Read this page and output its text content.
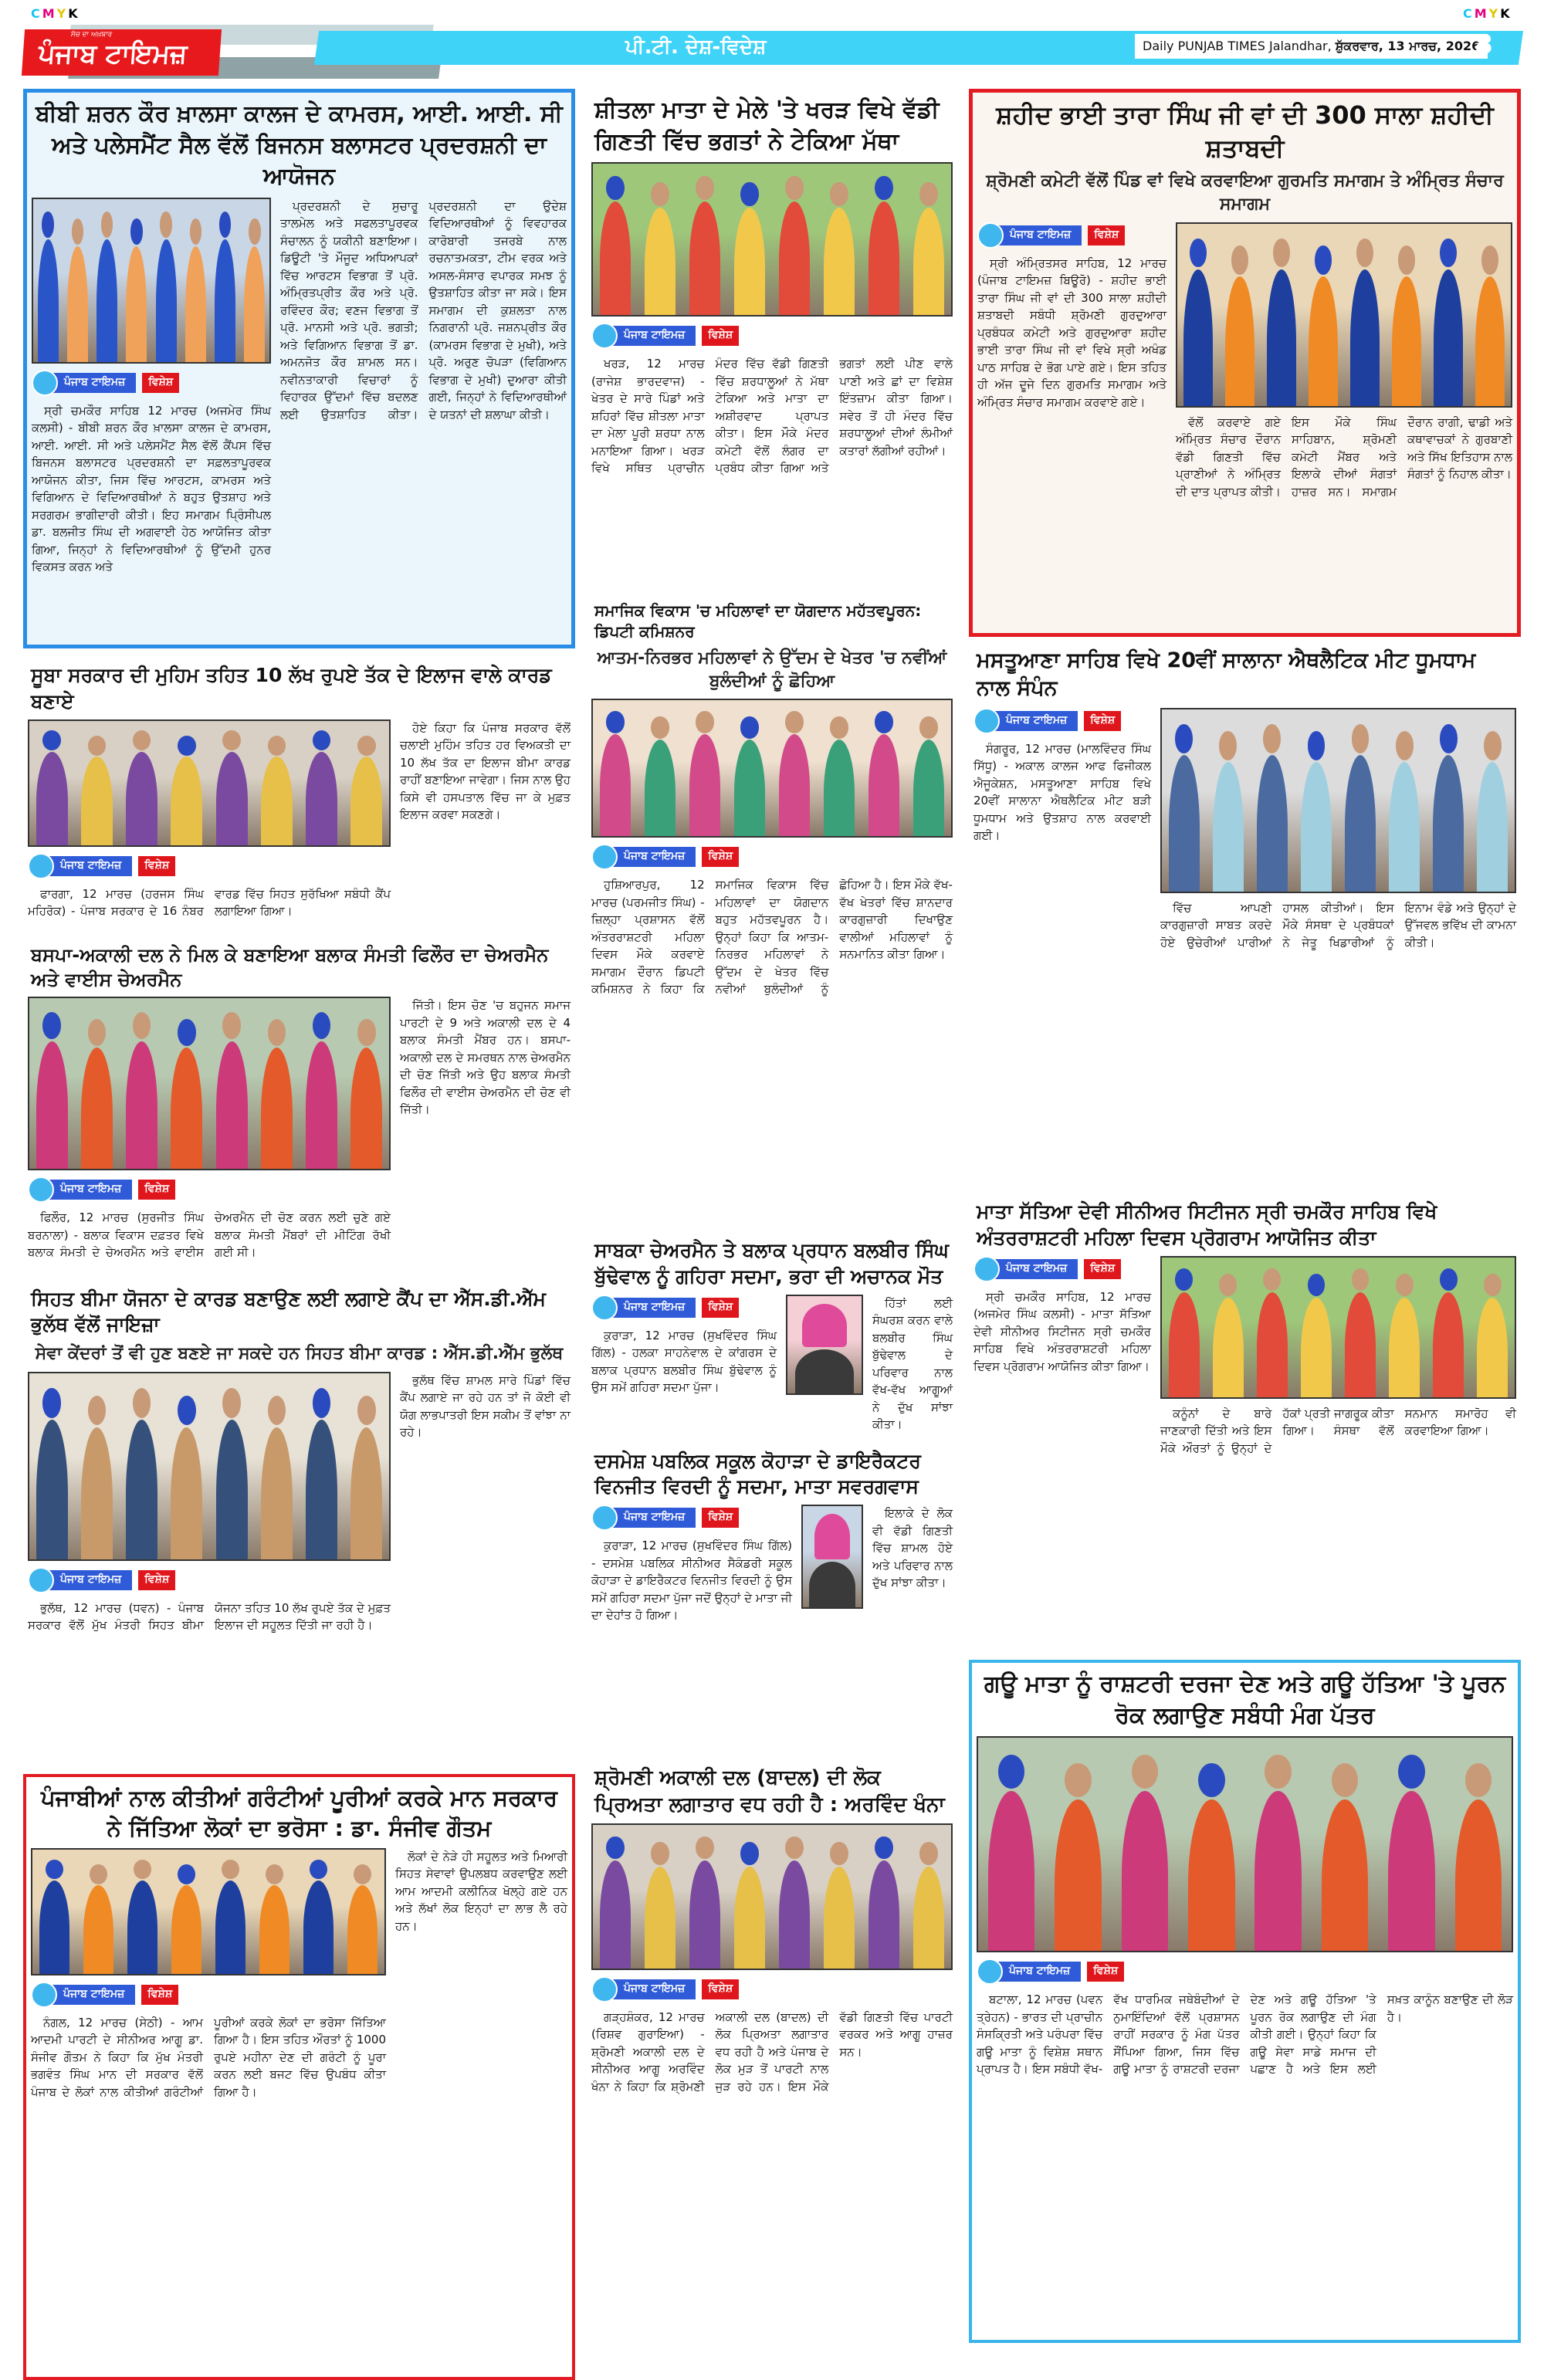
CMYK	CMYK
ਸੱਚ ਦਾ ਅਖ਼ਬਾਰ
ਪੰਜਾਬ ਟਾਇਮਜ਼	ਪੀ.ਟੀ. ਦੇਸ਼-ਵਿਦੇਸ਼	Daily PUNJAB TIMES Jalandhar, ਸ਼ੁੱਕਰਵਾਰ, 13 ਮਾਰਚ, 2026
8
ਬੀਬੀ ਸ਼ਰਨ ਕੌਰ ਖ਼ਾਲਸਾ ਕਾਲਜ ਦੇ ਕਾਮਰਸ, ਆਈ. ਆਈ. ਸੀ ਅਤੇ ਪਲੇਸਮੈਂਟ ਸੈਲ ਵੱਲੋਂ ਬਿਜਨਸ ਬਲਾਸਟਰ ਪ੍ਰਦਰਸ਼ਨੀ ਦਾ ਆਯੋਜਨ
ਪੰਜਾਬ ਟਾਇਮਜ਼	ਵਿਸ਼ੇਸ਼

ਸ੍ਰੀ ਚਮਕੌਰ ਸਾਹਿਬ 12 ਮਾਰਚ (ਅਜਮੇਰ ਸਿੰਘ ਕਲਸੀ) - ਬੀਬੀ ਸ਼ਰਨ ਕੌਰ ਖ਼ਾਲਸਾ ਕਾਲਜ ਦੇ ਕਾਮਰਸ, ਆਈ. ਆਈ. ਸੀ ਅਤੇ ਪਲੇਸਮੈਂਟ ਸੈਲ ਵੱਲੋਂ ਕੈਂਪਸ ਵਿੱਚ ਬਿਜਨਸ ਬਲਾਸਟਰ ਪ੍ਰਦਰਸ਼ਨੀ ਦਾ ਸਫ਼ਲਤਾਪੂਰਵਕ ਆਯੋਜਨ ਕੀਤਾ, ਜਿਸ ਵਿੱਚ ਆਰਟਸ, ਕਾਮਰਸ ਅਤੇ ਵਿਗਿਆਨ ਦੇ ਵਿਦਿਆਰਥੀਆਂ ਨੇ ਬਹੁਤ ਉਤਸ਼ਾਹ ਅਤੇ ਸਰਗਰਮ ਭਾਗੀਦਾਰੀ ਕੀਤੀ। ਇਹ ਸਮਾਗਮ ਪ੍ਰਿੰਸੀਪਲ ਡਾ. ਬਲਜੀਤ ਸਿੰਘ ਦੀ ਅਗਵਾਈ ਹੇਠ ਆਯੋਜਿਤ ਕੀਤਾ ਗਿਆ, ਜਿਨ੍ਹਾਂ ਨੇ ਵਿਦਿਆਰਥੀਆਂ ਨੂੰ ਉੱਦਮੀ ਹੁਨਰ ਵਿਕਸਤ ਕਰਨ ਅਤੇ

ਪ੍ਰਦਰਸ਼ਨੀ ਦੇ ਸੁਚਾਰੂ ਤਾਲਮੇਲ ਅਤੇ ਸਫਲਤਾਪੂਰਵਕ ਸੰਚਾਲਨ ਨੂੰ ਯਕੀਨੀ ਬਣਾਇਆ। ਡਿਊਟੀ 'ਤੇ ਮੌਜੂਦ ਅਧਿਆਪਕਾਂ ਵਿੱਚ ਆਰਟਸ ਵਿਭਾਗ ਤੋਂ ਪ੍ਰੋ. ਅੰਮ੍ਰਿਤਪ੍ਰੀਤ ਕੌਰ ਅਤੇ ਪ੍ਰੋ. ਰਵਿੰਦਰ ਕੌਰ; ਵਣਜ ਵਿਭਾਗ ਤੋਂ ਪ੍ਰੋ. ਮਾਨਸੀ ਅਤੇ ਪ੍ਰੋ. ਭਗਤੀ; ਅਤੇ ਵਿਗਿਆਨ ਵਿਭਾਗ ਤੋਂ ਡਾ. ਅਮਨਜੋਤ ਕੌਰ ਸ਼ਾਮਲ ਸਨ। ਨਵੀਨਤਾਕਾਰੀ ਵਿਚਾਰਾਂ ਨੂੰ ਵਿਹਾਰਕ ਉੱਦਮਾਂ ਵਿੱਚ ਬਦਲਣ ਲਈ ਉਤਸ਼ਾਹਿਤ ਕੀਤਾ। ਪ੍ਰਦਰਸ਼ਨੀ ਦਾ ਉਦੇਸ਼ ਵਿਦਿਆਰਥੀਆਂ ਨੂੰ ਵਿਵਹਾਰਕ ਕਾਰੋਬਾਰੀ ਤਜਰਬੇ ਨਾਲ ਰਚਨਾਤਮਕਤਾ, ਟੀਮ ਵਰਕ ਅਤੇ ਅਸਲ-ਸੰਸਾਰ ਵਪਾਰਕ ਸਮਝ ਨੂੰ ਉਤਸ਼ਾਹਿਤ ਕੀਤਾ ਜਾ ਸਕੇ। ਇਸ ਸਮਾਗਮ ਦੀ ਕੁਸ਼ਲਤਾ ਨਾਲ ਨਿਗਰਾਨੀ ਪ੍ਰੋ. ਜਸ਼ਨਪ੍ਰੀਤ ਕੌਰ (ਕਾਮਰਸ ਵਿਭਾਗ ਦੇ ਮੁਖੀ), ਅਤੇ ਪ੍ਰੋ. ਅਰੁਣ ਚੋਪੜਾ (ਵਿਗਿਆਨ ਵਿਭਾਗ ਦੇ ਮੁਖੀ) ਦੁਆਰਾ ਕੀਤੀ ਗਈ, ਜਿਨ੍ਹਾਂ ਨੇ ਵਿਦਿਆਰਥੀਆਂ ਦੇ ਯਤਨਾਂ ਦੀ ਸ਼ਲਾਘਾ ਕੀਤੀ।

ਸੂਬਾ ਸਰਕਾਰ ਦੀ ਮੁਹਿਮ ਤਹਿਤ 10 ਲੱਖ ਰੁਪਏ ਤੱਕ ਦੇ ਇਲਾਜ ਵਾਲੇ ਕਾਰਡ ਬਣਾਏ
ਪੰਜਾਬ ਟਾਇਮਜ਼	ਵਿਸ਼ੇਸ਼

ਫਾਰਗਾ, 12 ਮਾਰਚ (ਹਰਜਸ ਸਿੰਘ ਮਹਿਰੋਕ) - ਪੰਜਾਬ ਸਰਕਾਰ ਦੇ 16 ਨੰਬਰ ਵਾਰਡ ਵਿੱਚ ਸਿਹਤ ਸੁਰੱਖਿਆ ਸਬੰਧੀ ਕੈਂਪ ਲਗਾਇਆ ਗਿਆ।

ਹੋਏ ਕਿਹਾ ਕਿ ਪੰਜਾਬ ਸਰਕਾਰ ਵੱਲੋਂ ਚਲਾਈ ਮੁਹਿੰਮ ਤਹਿਤ ਹਰ ਵਿਅਕਤੀ ਦਾ 10 ਲੱਖ ਤੱਕ ਦਾ ਇਲਾਜ ਬੀਮਾ ਕਾਰਡ ਰਾਹੀਂ ਬਣਾਇਆ ਜਾਵੇਗਾ। ਜਿਸ ਨਾਲ ਉਹ ਕਿਸੇ ਵੀ ਹਸਪਤਾਲ ਵਿੱਚ ਜਾ ਕੇ ਮੁਫ਼ਤ ਇਲਾਜ ਕਰਵਾ ਸਕਣਗੇ।

ਬਸਪਾ-ਅਕਾਲੀ ਦਲ ਨੇ ਮਿਲ ਕੇ ਬਣਾਇਆ ਬਲਾਕ ਸੰਮਤੀ ਫਿਲੌਰ ਦਾ ਚੇਅਰਮੈਨ ਅਤੇ ਵਾਈਸ ਚੇਅਰਮੈਨ
ਪੰਜਾਬ ਟਾਇਮਜ਼	ਵਿਸ਼ੇਸ਼

ਫਿਲੌਰ, 12 ਮਾਰਚ (ਸੁਰਜੀਤ ਸਿੰਘ ਬਰਨਾਲਾ) - ਬਲਾਕ ਵਿਕਾਸ ਦਫ਼ਤਰ ਵਿਖੇ ਬਲਾਕ ਸੰਮਤੀ ਦੇ ਚੇਅਰਮੈਨ ਅਤੇ ਵਾਈਸ ਚੇਅਰਮੈਨ ਦੀ ਚੋਣ ਕਰਨ ਲਈ ਚੁਣੇ ਗਏ ਬਲਾਕ ਸੰਮਤੀ ਮੈਂਬਰਾਂ ਦੀ ਮੀਟਿੰਗ ਰੱਖੀ ਗਈ ਸੀ।

ਜਿੱਤੀ। ਇਸ ਚੋਣ 'ਚ ਬਹੁਜਨ ਸਮਾਜ ਪਾਰਟੀ ਦੇ 9 ਅਤੇ ਅਕਾਲੀ ਦਲ ਦੇ 4 ਬਲਾਕ ਸੰਮਤੀ ਮੈਂਬਰ ਹਨ। ਬਸਪਾ-ਅਕਾਲੀ ਦਲ ਦੇ ਸਮਰਥਨ ਨਾਲ ਚੇਅਰਮੈਨ ਦੀ ਚੋਣ ਜਿੱਤੀ ਅਤੇ ਉਹ ਬਲਾਕ ਸੰਮਤੀ ਫਿਲੌਰ ਦੀ ਵਾਈਸ ਚੇਅਰਮੈਨ ਦੀ ਚੋਣ ਵੀ ਜਿੱਤੀ।

ਸਿਹਤ ਬੀਮਾ ਯੋਜਨਾ ਦੇ ਕਾਰਡ ਬਣਾਉਣ ਲਈ ਲਗਾਏ ਕੈਂਪ ਦਾ ਐੱਸ.ਡੀ.ਐੱਮ ਭੁਲੱਥ ਵੱਲੋਂ ਜਾਇਜ਼ਾ
ਸੇਵਾ ਕੇਂਦਰਾਂ ਤੋਂ ਵੀ ਹੁਣ ਬਣਏ ਜਾ ਸਕਦੇ ਹਨ ਸਿਹਤ ਬੀਮਾ ਕਾਰਡ : ਐੱਸ.ਡੀ.ਐੱਮ ਭੁਲੱਥ
ਪੰਜਾਬ ਟਾਇਮਜ਼	ਵਿਸ਼ੇਸ਼

ਭੁਲੱਥ, 12 ਮਾਰਚ (ਧਵਨ) - ਪੰਜਾਬ ਸਰਕਾਰ ਵੱਲੋਂ ਮੁੱਖ ਮੰਤਰੀ ਸਿਹਤ ਬੀਮਾ ਯੋਜਨਾ ਤਹਿਤ 10 ਲੱਖ ਰੁਪਏ ਤੱਕ ਦੇ ਮੁਫ਼ਤ ਇਲਾਜ ਦੀ ਸਹੂਲਤ ਦਿੱਤੀ ਜਾ ਰਹੀ ਹੈ।

ਭੁਲੱਥ ਵਿੱਚ ਸ਼ਾਮਲ ਸਾਰੇ ਪਿੰਡਾਂ ਵਿੱਚ ਕੈਂਪ ਲਗਾਏ ਜਾ ਰਹੇ ਹਨ ਤਾਂ ਜੋ ਕੋਈ ਵੀ ਯੋਗ ਲਾਭਪਾਤਰੀ ਇਸ ਸਕੀਮ ਤੋਂ ਵਾਂਝਾ ਨਾ ਰਹੇ।

ਪੰਜਾਬੀਆਂ ਨਾਲ ਕੀਤੀਆਂ ਗਰੰਟੀਆਂ ਪੂਰੀਆਂ ਕਰਕੇ ਮਾਨ ਸਰਕਾਰ ਨੇ ਜਿੱਤਿਆ ਲੋਕਾਂ ਦਾ ਭਰੋਸਾ : ਡਾ. ਸੰਜੀਵ ਗੌਤਮ
ਪੰਜਾਬ ਟਾਇਮਜ਼	ਵਿਸ਼ੇਸ਼

ਨੰਗਲ, 12 ਮਾਰਚ (ਸੇਠੀ) - ਆਮ ਆਦਮੀ ਪਾਰਟੀ ਦੇ ਸੀਨੀਅਰ ਆਗੂ ਡਾ. ਸੰਜੀਵ ਗੌਤਮ ਨੇ ਕਿਹਾ ਕਿ ਮੁੱਖ ਮੰਤਰੀ ਭਗਵੰਤ ਸਿੰਘ ਮਾਨ ਦੀ ਸਰਕਾਰ ਵੱਲੋਂ ਪੰਜਾਬ ਦੇ ਲੋਕਾਂ ਨਾਲ ਕੀਤੀਆਂ ਗਰੰਟੀਆਂ ਪੂਰੀਆਂ ਕਰਕੇ ਲੋਕਾਂ ਦਾ ਭਰੋਸਾ ਜਿੱਤਿਆ ਗਿਆ ਹੈ। ਇਸ ਤਹਿਤ ਔਰਤਾਂ ਨੂੰ 1000 ਰੁਪਏ ਮਹੀਨਾ ਦੇਣ ਦੀ ਗਰੰਟੀ ਨੂੰ ਪੂਰਾ ਕਰਨ ਲਈ ਬਜਟ ਵਿੱਚ ਉਪਬੰਧ ਕੀਤਾ ਗਿਆ ਹੈ।

ਲੋਕਾਂ ਦੇ ਨੇੜੇ ਹੀ ਸਹੂਲਤ ਅਤੇ ਮਿਆਰੀ ਸਿਹਤ ਸੇਵਾਵਾਂ ਉਪਲਬਧ ਕਰਵਾਉਣ ਲਈ ਆਮ ਆਦਮੀ ਕਲੀਨਿਕ ਖੋਲ੍ਹੇ ਗਏ ਹਨ ਅਤੇ ਲੱਖਾਂ ਲੋਕ ਇਨ੍ਹਾਂ ਦਾ ਲਾਭ ਲੈ ਰਹੇ ਹਨ।

ਸ਼ੀਤਲਾ ਮਾਤਾ ਦੇ ਮੇਲੇ 'ਤੇ ਖਰੜ ਵਿਖੇ ਵੱਡੀ ਗਿਣਤੀ ਵਿੱਚ ਭਗਤਾਂ ਨੇ ਟੇਕਿਆ ਮੱਥਾ
ਪੰਜਾਬ ਟਾਇਮਜ਼	ਵਿਸ਼ੇਸ਼

ਖਰੜ, 12 ਮਾਰਚ (ਰਾਜੇਸ਼ ਭਾਰਦਵਾਜ) - ਖੇਤਰ ਦੇ ਸਾਰੇ ਪਿੰਡਾਂ ਅਤੇ ਸ਼ਹਿਰਾਂ ਵਿੱਚ ਸ਼ੀਤਲਾ ਮਾਤਾ ਦਾ ਮੇਲਾ ਪੂਰੀ ਸ਼ਰਧਾ ਨਾਲ ਮਨਾਇਆ ਗਿਆ। ਖਰੜ ਵਿਖੇ ਸਥਿਤ ਪ੍ਰਾਚੀਨ ਮੰਦਰ ਵਿੱਚ ਵੱਡੀ ਗਿਣਤੀ ਵਿੱਚ ਸ਼ਰਧਾਲੂਆਂ ਨੇ ਮੱਥਾ ਟੇਕਿਆ ਅਤੇ ਮਾਤਾ ਦਾ ਅਸ਼ੀਰਵਾਦ ਪ੍ਰਾਪਤ ਕੀਤਾ। ਇਸ ਮੌਕੇ ਮੰਦਰ ਕਮੇਟੀ ਵੱਲੋਂ ਲੰਗਰ ਦਾ ਪ੍ਰਬੰਧ ਕੀਤਾ ਗਿਆ ਅਤੇ ਭਗਤਾਂ ਲਈ ਪੀਣ ਵਾਲੇ ਪਾਣੀ ਅਤੇ ਛਾਂ ਦਾ ਵਿਸ਼ੇਸ਼ ਇੰਤਜ਼ਾਮ ਕੀਤਾ ਗਿਆ। ਸਵੇਰ ਤੋਂ ਹੀ ਮੰਦਰ ਵਿੱਚ ਸ਼ਰਧਾਲੂਆਂ ਦੀਆਂ ਲੰਮੀਆਂ ਕਤਾਰਾਂ ਲੱਗੀਆਂ ਰਹੀਆਂ।

ਸਮਾਜਿਕ ਵਿਕਾਸ 'ਚ ਮਹਿਲਾਵਾਂ ਦਾ ਯੋਗਦਾਨ ਮਹੱਤਵਪੂਰਨ: ਡਿਪਟੀ ਕਮਿਸ਼ਨਰ
ਆਤਮ-ਨਿਰਭਰ ਮਹਿਲਾਵਾਂ ਨੇ ਉੱਦਮ ਦੇ ਖੇਤਰ 'ਚ ਨਵੀਂਆਂ ਬੁਲੰਦੀਆਂ ਨੂੰ ਛੋਹਿਆ
ਪੰਜਾਬ ਟਾਇਮਜ਼	ਵਿਸ਼ੇਸ਼

ਹੁਸ਼ਿਆਰਪੁਰ, 12 ਮਾਰਚ (ਪਰਮਜੀਤ ਸਿੰਘ) - ਜ਼ਿਲ੍ਹਾ ਪ੍ਰਸ਼ਾਸਨ ਵੱਲੋਂ ਅੰਤਰਰਾਸ਼ਟਰੀ ਮਹਿਲਾ ਦਿਵਸ ਮੌਕੇ ਕਰਵਾਏ ਸਮਾਗਮ ਦੌਰਾਨ ਡਿਪਟੀ ਕਮਿਸ਼ਨਰ ਨੇ ਕਿਹਾ ਕਿ ਸਮਾਜਿਕ ਵਿਕਾਸ ਵਿੱਚ ਮਹਿਲਾਵਾਂ ਦਾ ਯੋਗਦਾਨ ਬਹੁਤ ਮਹੱਤਵਪੂਰਨ ਹੈ। ਉਨ੍ਹਾਂ ਕਿਹਾ ਕਿ ਆਤਮ-ਨਿਰਭਰ ਮਹਿਲਾਵਾਂ ਨੇ ਉੱਦਮ ਦੇ ਖੇਤਰ ਵਿੱਚ ਨਵੀਆਂ ਬੁਲੰਦੀਆਂ ਨੂੰ ਛੋਹਿਆ ਹੈ। ਇਸ ਮੌਕੇ ਵੱਖ-ਵੱਖ ਖੇਤਰਾਂ ਵਿੱਚ ਸ਼ਾਨਦਾਰ ਕਾਰਗੁਜ਼ਾਰੀ ਦਿਖਾਉਣ ਵਾਲੀਆਂ ਮਹਿਲਾਵਾਂ ਨੂੰ ਸਨਮਾਨਿਤ ਕੀਤਾ ਗਿਆ।

ਸਾਬਕਾ ਚੇਅਰਮੈਨ ਤੇ ਬਲਾਕ ਪ੍ਰਧਾਨ ਬਲਬੀਰ ਸਿੰਘ ਬੁੱਢੇਵਾਲ ਨੂੰ ਗਹਿਰਾ ਸਦਮਾ, ਭਰਾ ਦੀ ਅਚਾਨਕ ਮੌਤ
ਪੰਜਾਬ ਟਾਇਮਜ਼	ਵਿਸ਼ੇਸ਼

ਕੁਰਾੜਾ, 12 ਮਾਰਚ (ਸੁਖਵਿੰਦਰ ਸਿੰਘ ਗਿੱਲ) - ਹਲਕਾ ਸਾਹਨੇਵਾਲ ਦੇ ਕਾਂਗਰਸ ਦੇ ਬਲਾਕ ਪ੍ਰਧਾਨ ਬਲਬੀਰ ਸਿੰਘ ਬੁੱਢੇਵਾਲ ਨੂੰ ਉਸ ਸਮੇਂ ਗਹਿਰਾ ਸਦਮਾ ਪੁੱਜਾ।

ਹਿੱਤਾਂ ਲਈ ਸੰਘਰਸ਼ ਕਰਨ ਵਾਲੇ ਬਲਬੀਰ ਸਿੰਘ ਬੁੱਢੇਵਾਲ ਦੇ ਪਰਿਵਾਰ ਨਾਲ ਵੱਖ-ਵੱਖ ਆਗੂਆਂ ਨੇ ਦੁੱਖ ਸਾਂਝਾ ਕੀਤਾ।

ਦਸਮੇਸ਼ ਪਬਲਿਕ ਸਕੂਲ ਕੋਹਾੜਾ ਦੇ ਡਾਇਰੈਕਟਰ ਵਿਨਜੀਤ ਵਿਰਦੀ ਨੂੰ ਸਦਮਾ, ਮਾਤਾ ਸਵਰਗਵਾਸ
ਪੰਜਾਬ ਟਾਇਮਜ਼	ਵਿਸ਼ੇਸ਼

ਕੁਰਾੜਾ, 12 ਮਾਰਚ (ਸੁਖਵਿੰਦਰ ਸਿੰਘ ਗਿੱਲ) - ਦਸਮੇਸ਼ ਪਬਲਿਕ ਸੀਨੀਅਰ ਸੈਕੰਡਰੀ ਸਕੂਲ ਕੋਹਾੜਾ ਦੇ ਡਾਇਰੈਕਟਰ ਵਿਨਜੀਤ ਵਿਰਦੀ ਨੂੰ ਉਸ ਸਮੇਂ ਗਹਿਰਾ ਸਦਮਾ ਪੁੱਜਾ ਜਦੋਂ ਉਨ੍ਹਾਂ ਦੇ ਮਾਤਾ ਜੀ ਦਾ ਦੇਹਾਂਤ ਹੋ ਗਿਆ।

ਇਲਾਕੇ ਦੇ ਲੋਕ ਵੀ ਵੱਡੀ ਗਿਣਤੀ ਵਿੱਚ ਸ਼ਾਮਲ ਹੋਏ ਅਤੇ ਪਰਿਵਾਰ ਨਾਲ ਦੁੱਖ ਸਾਂਝਾ ਕੀਤਾ।

ਸ਼੍ਰੋਮਣੀ ਅਕਾਲੀ ਦਲ (ਬਾਦਲ) ਦੀ ਲੋਕ ਪ੍ਰਿਅਤਾ ਲਗਾਤਾਰ ਵਧ ਰਹੀ ਹੈ : ਅਰਵਿੰਦ ਖੰਨਾ
ਪੰਜਾਬ ਟਾਇਮਜ਼	ਵਿਸ਼ੇਸ਼

ਗੜ੍ਹਸ਼ੰਕਰ, 12 ਮਾਰਚ (ਰਿਸ਼ਵ ਗੁਰਾਇਆ) - ਸ਼੍ਰੋਮਣੀ ਅਕਾਲੀ ਦਲ ਦੇ ਸੀਨੀਅਰ ਆਗੂ ਅਰਵਿੰਦ ਖੰਨਾ ਨੇ ਕਿਹਾ ਕਿ ਸ਼੍ਰੋਮਣੀ ਅਕਾਲੀ ਦਲ (ਬਾਦਲ) ਦੀ ਲੋਕ ਪ੍ਰਿਅਤਾ ਲਗਾਤਾਰ ਵਧ ਰਹੀ ਹੈ ਅਤੇ ਪੰਜਾਬ ਦੇ ਲੋਕ ਮੁੜ ਤੋਂ ਪਾਰਟੀ ਨਾਲ ਜੁੜ ਰਹੇ ਹਨ। ਇਸ ਮੌਕੇ ਵੱਡੀ ਗਿਣਤੀ ਵਿੱਚ ਪਾਰਟੀ ਵਰਕਰ ਅਤੇ ਆਗੂ ਹਾਜ਼ਰ ਸਨ।

ਸ਼ਹੀਦ ਭਾਈ ਤਾਰਾ ਸਿੰਘ ਜੀ ਵਾਂ ਦੀ 300 ਸਾਲਾ ਸ਼ਹੀਦੀ ਸ਼ਤਾਬਦੀ
ਸ਼੍ਰੋਮਣੀ ਕਮੇਟੀ ਵੱਲੋਂ ਪਿੰਡ ਵਾਂ ਵਿਖੇ ਕਰਵਾਇਆ ਗੁਰਮਤਿ ਸਮਾਗਮ ਤੇ ਅੰਮ੍ਰਿਤ ਸੰਚਾਰ ਸਮਾਗਮ
ਪੰਜਾਬ ਟਾਇਮਜ਼	ਵਿਸ਼ੇਸ਼

ਸ੍ਰੀ ਅੰਮ੍ਰਿਤਸਰ ਸਾਹਿਬ, 12 ਮਾਰਚ (ਪੰਜਾਬ ਟਾਇਮਜ਼ ਬਿਊਰੋ) - ਸ਼ਹੀਦ ਭਾਈ ਤਾਰਾ ਸਿੰਘ ਜੀ ਵਾਂ ਦੀ 300 ਸਾਲਾ ਸ਼ਹੀਦੀ ਸ਼ਤਾਬਦੀ ਸਬੰਧੀ ਸ਼੍ਰੋਮਣੀ ਗੁਰਦੁਆਰਾ ਪ੍ਰਬੰਧਕ ਕਮੇਟੀ ਅਤੇ ਗੁਰਦੁਆਰਾ ਸ਼ਹੀਦ ਭਾਈ ਤਾਰਾ ਸਿੰਘ ਜੀ ਵਾਂ ਵਿਖੇ ਸ੍ਰੀ ਅਖੰਡ ਪਾਠ ਸਾਹਿਬ ਦੇ ਭੋਗ ਪਾਏ ਗਏ। ਇਸ ਤਹਿਤ ਹੀ ਅੱਜ ਦੂਜੇ ਦਿਨ ਗੁਰਮਤਿ ਸਮਾਗਮ ਅਤੇ ਅੰਮ੍ਰਿਤ ਸੰਚਾਰ ਸਮਾਗਮ ਕਰਵਾਏ ਗਏ।

ਵੱਲੋਂ ਕਰਵਾਏ ਗਏ ਅੰਮ੍ਰਿਤ ਸੰਚਾਰ ਦੌਰਾਨ ਵੱਡੀ ਗਿਣਤੀ ਵਿੱਚ ਪ੍ਰਾਣੀਆਂ ਨੇ ਅੰਮ੍ਰਿਤ ਦੀ ਦਾਤ ਪ੍ਰਾਪਤ ਕੀਤੀ। ਇਸ ਮੌਕੇ ਸਿੰਘ ਸਾਹਿਬਾਨ, ਸ਼੍ਰੋਮਣੀ ਕਮੇਟੀ ਮੈਂਬਰ ਅਤੇ ਇਲਾਕੇ ਦੀਆਂ ਸੰਗਤਾਂ ਹਾਜ਼ਰ ਸਨ। ਸਮਾਗਮ ਦੌਰਾਨ ਰਾਗੀ, ਢਾਡੀ ਅਤੇ ਕਥਾਵਾਚਕਾਂ ਨੇ ਗੁਰਬਾਣੀ ਅਤੇ ਸਿੱਖ ਇਤਿਹਾਸ ਨਾਲ ਸੰਗਤਾਂ ਨੂੰ ਨਿਹਾਲ ਕੀਤਾ।

ਮਸਤੂਆਣਾ ਸਾਹਿਬ ਵਿਖੇ 20ਵੀਂ ਸਾਲਾਨਾ ਐਥਲੈਟਿਕ ਮੀਟ ਧੂਮਧਾਮ ਨਾਲ ਸੰਪੰਨ
ਪੰਜਾਬ ਟਾਇਮਜ਼	ਵਿਸ਼ੇਸ਼

ਸੰਗਰੂਰ, 12 ਮਾਰਚ (ਮਾਲਵਿੰਦਰ ਸਿੰਘ ਸਿੱਧੂ) - ਅਕਾਲ ਕਾਲਜ ਆਫ ਫਿਜੀਕਲ ਐਜੂਕੇਸ਼ਨ, ਮਸਤੂਆਣਾ ਸਾਹਿਬ ਵਿਖੇ 20ਵੀਂ ਸਾਲਾਨਾ ਐਥਲੈਟਿਕ ਮੀਟ ਬੜੀ ਧੂਮਧਾਮ ਅਤੇ ਉਤਸ਼ਾਹ ਨਾਲ ਕਰਵਾਈ ਗਈ।

ਵਿੱਚ ਆਪਣੀ ਕਾਰਗੁਜ਼ਾਰੀ ਸਾਬਤ ਕਰਦੇ ਹੋਏ ਉਚੇਰੀਆਂ ਪਾਰੀਆਂ ਹਾਸਲ ਕੀਤੀਆਂ। ਇਸ ਮੌਕੇ ਸੰਸਥਾ ਦੇ ਪ੍ਰਬੰਧਕਾਂ ਨੇ ਜੇਤੂ ਖਿਡਾਰੀਆਂ ਨੂੰ ਇਨਾਮ ਵੰਡੇ ਅਤੇ ਉਨ੍ਹਾਂ ਦੇ ਉੱਜਵਲ ਭਵਿੱਖ ਦੀ ਕਾਮਨਾ ਕੀਤੀ।

ਮਾਤਾ ਸੱਤਿਆ ਦੇਵੀ ਸੀਨੀਅਰ ਸਿਟੀਜਨ ਸ੍ਰੀ ਚਮਕੌਰ ਸਾਹਿਬ ਵਿਖੇ ਅੰਤਰਰਾਸ਼ਟਰੀ ਮਹਿਲਾ ਦਿਵਸ ਪ੍ਰੋਗਰਾਮ ਆਯੋਜਿਤ ਕੀਤਾ
ਪੰਜਾਬ ਟਾਇਮਜ਼	ਵਿਸ਼ੇਸ਼

ਸ੍ਰੀ ਚਮਕੌਰ ਸਾਹਿਬ, 12 ਮਾਰਚ (ਅਜਮੇਰ ਸਿੰਘ ਕਲਸੀ) - ਮਾਤਾ ਸੱਤਿਆ ਦੇਵੀ ਸੀਨੀਅਰ ਸਿਟੀਜਨ ਸ੍ਰੀ ਚਮਕੌਰ ਸਾਹਿਬ ਵਿਖੇ ਅੰਤਰਰਾਸ਼ਟਰੀ ਮਹਿਲਾ ਦਿਵਸ ਪ੍ਰੋਗਰਾਮ ਆਯੋਜਿਤ ਕੀਤਾ ਗਿਆ।

ਕਨੂੰਨਾਂ ਦੇ ਬਾਰੇ ਜਾਣਕਾਰੀ ਦਿੱਤੀ ਅਤੇ ਇਸ ਮੌਕੇ ਔਰਤਾਂ ਨੂੰ ਉਨ੍ਹਾਂ ਦੇ ਹੱਕਾਂ ਪ੍ਰਤੀ ਜਾਗਰੂਕ ਕੀਤਾ ਗਿਆ। ਸੰਸਥਾ ਵੱਲੋਂ ਸਨਮਾਨ ਸਮਾਰੋਹ ਵੀ ਕਰਵਾਇਆ ਗਿਆ।

ਗਊ ਮਾਤਾ ਨੂੰ ਰਾਸ਼ਟਰੀ ਦਰਜਾ ਦੇਣ ਅਤੇ ਗਊ ਹੱਤਿਆ 'ਤੇ ਪੂਰਨ ਰੋਕ ਲਗਾਉਣ ਸਬੰਧੀ ਮੰਗ ਪੱਤਰ
ਪੰਜਾਬ ਟਾਇਮਜ਼	ਵਿਸ਼ੇਸ਼

ਬਟਾਲਾ, 12 ਮਾਰਚ (ਪਵਨ ਤ੍ਰੇਹਨ) - ਭਾਰਤ ਦੀ ਪ੍ਰਾਚੀਨ ਸੰਸਕ੍ਰਿਤੀ ਅਤੇ ਪਰੰਪਰਾ ਵਿੱਚ ਗਊ ਮਾਤਾ ਨੂੰ ਵਿਸ਼ੇਸ਼ ਸਥਾਨ ਪ੍ਰਾਪਤ ਹੈ। ਇਸ ਸਬੰਧੀ ਵੱਖ-ਵੱਖ ਧਾਰਮਿਕ ਜਥੇਬੰਦੀਆਂ ਦੇ ਨੁਮਾਇੰਦਿਆਂ ਵੱਲੋਂ ਪ੍ਰਸ਼ਾਸਨ ਰਾਹੀਂ ਸਰਕਾਰ ਨੂੰ ਮੰਗ ਪੱਤਰ ਸੌਂਪਿਆ ਗਿਆ, ਜਿਸ ਵਿੱਚ ਗਊ ਮਾਤਾ ਨੂੰ ਰਾਸ਼ਟਰੀ ਦਰਜਾ ਦੇਣ ਅਤੇ ਗਊ ਹੱਤਿਆ 'ਤੇ ਪੂਰਨ ਰੋਕ ਲਗਾਉਣ ਦੀ ਮੰਗ ਕੀਤੀ ਗਈ। ਉਨ੍ਹਾਂ ਕਿਹਾ ਕਿ ਗਊ ਸੇਵਾ ਸਾਡੇ ਸਮਾਜ ਦੀ ਪਛਾਣ ਹੈ ਅਤੇ ਇਸ ਲਈ ਸਖ਼ਤ ਕਾਨੂੰਨ ਬਣਾਉਣ ਦੀ ਲੋੜ ਹੈ।
